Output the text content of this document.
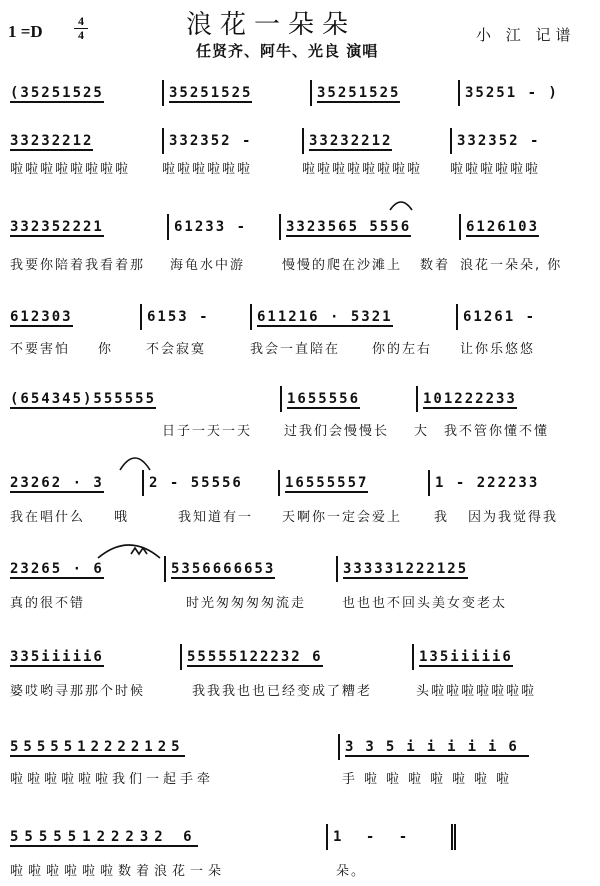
1 =D
4
4	浪花一朵朵
任贤齐、阿牛、光良 演唱
小 江 记谱
(35251525	35251525	35251525	35251 - )
33232212	332352 -	33232212	332352 -
啦啦啦啦啦啦啦啦	啦啦啦啦啦啦	啦啦啦啦啦啦啦啦	啦啦啦啦啦啦
332352221	61233 -	3323565 5556	6126103
我要你陪着我看着那	海龟水中游	慢慢的爬在沙滩上	数着 浪花一朵朵, 你
612303	6153 -	611216 · 5321	61261 -
不要害怕	你	不会寂寞	我会一直陪在	你的左右	让你乐悠悠
(654345)555555	1655556	101222233
日子一天一天	过我们会慢慢长	大	我不管你懂不懂
23262 · 3	2 - 55556	16555557	1 - 222233
我在唱什么	哦	我知道有一	天啊你一定会爱上	我	因为我觉得我
23265 · 6	5356666653	333331222125
真的很不错	时光匆匆匆匆流走	也也也不回头美女变老太
335iiiii6	55555122232 6	135iiiii6
婆哎哟寻那那个时候	我我我也也已经变成了糟老	头啦啦啦啦啦啦啦
5555512222125	335iiiii6
啦啦啦啦啦啦我们一起手牵	手啦啦啦啦啦啦啦
55555122232 6	1 - -
啦啦啦啦啦啦数着浪花一朵	朵。
